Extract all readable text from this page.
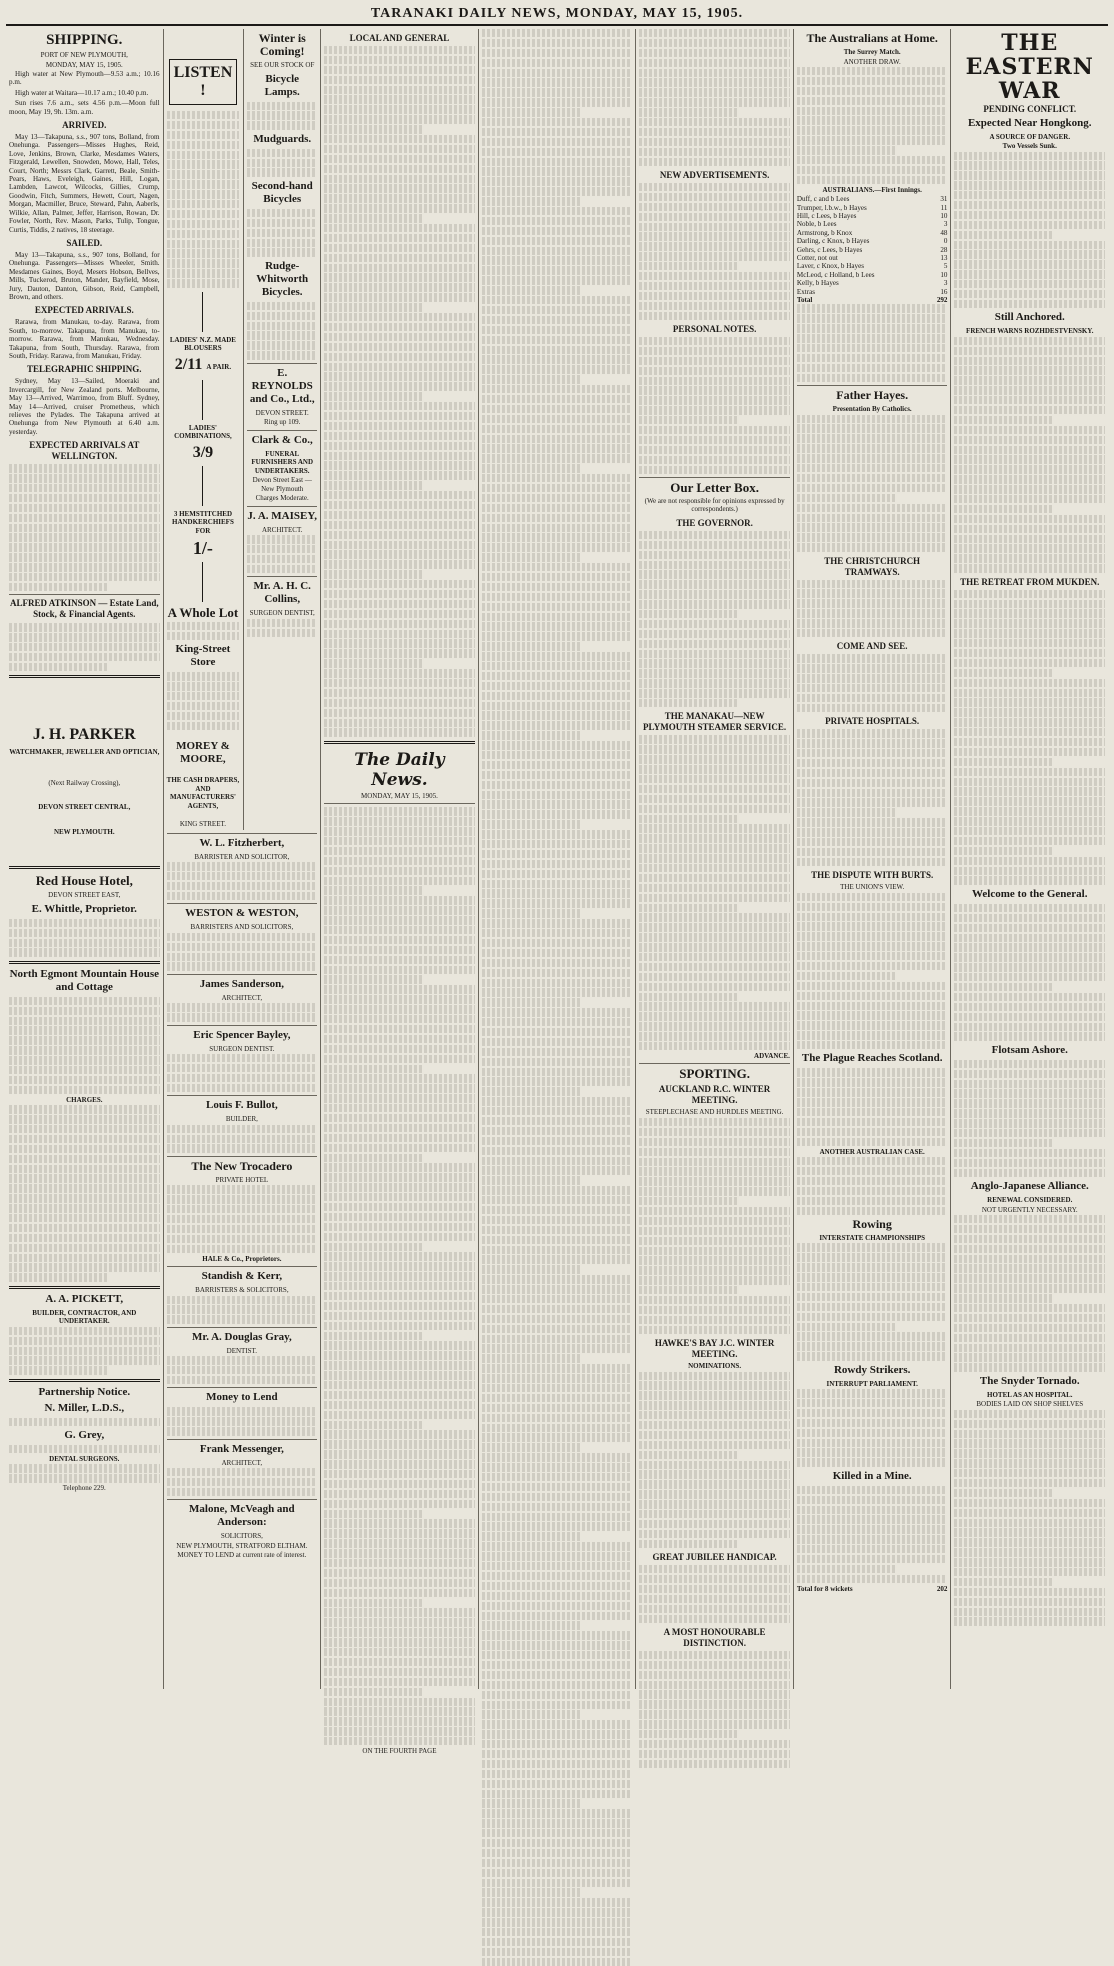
TARANAKI DAILY NEWS, MONDAY, MAY 15, 1905.
SHIPPING.
PORT OF NEW PLYMOUTH,
MONDAY, MAY 15, 1905.

High water at New Plymouth—9.53 a.m.; 10.16 p.m.

High water at Waitara—10.17 a.m.; 10.40 p.m.

Sun rises 7.6 a.m., sets 4.56 p.m.—Moon full moon, May 19, 9h. 13m. a.m.

ARRIVED.

May 13—Takapuna, s.s., 907 tons, Bolland, from Onehunga. Passengers—Misses Hughes, Reid, Love, Jenkins, Brown, Clarke, Mesdames Waters, Fitzgerald, Lewellen, Snowden, Mowe, Hall, Teles, Court, North; Messrs Clark, Garrett, Beale, Smith-Pears, Haws, Eveleigh, Gaines, Hill, Logan, Lambden, Lawcot, Wilcocks, Gillies, Crump, Goodwin, Fitch, Summers, Hewett, Court, Nagen, Morgan, Macmiller, Bruce, Steward, Pahn, Aaberls, Wilkie, Allan, Palmer, Jeffer, Harrison, Rowan, Dr. Fowler, North, Rev. Mason, Parks, Tulip, Tongue, Curtis, Tiddis, 2 natives, 18 steerage.

SAILED.

May 13—Takapuna, s.s., 907 tons, Bolland, for Onehunga. Passengers—Misses Wheeler, Smith. Mesdames Gaines, Boyd, Mesers Hobson, Bellves, Mills, Tuckerod, Bruton, Mander, Bayfield, Mose, Jury, Dauton, Danton, Gibson, Reid, Campbell, Brown, and others.

EXPECTED ARRIVALS.

Rarawa, from Manukau, to-day. Rarawa, from South, to-morrow. Takapuna, from Manukau, to-morrow. Rarawa, from Manukau, Wednesday. Takapuna, from South, Thursday. Rarawa, from South, Friday. Rarawa, from Manukau, Friday.

TELEGRAPHIC SHIPPING.

Sydney, May 13—Sailed, Moeraki and Invercargill, for New Zealand ports. Melbourne, May 13—Arrived, Warrimoo, from Bluff. Sydney, May 14—Arrived, cruiser Prometheus, which relieves the Pylades. The Takapuna arrived at Onehunga from New Plymouth at 6.40 a.m. yesterday.

EXPECTED ARRIVALS AT WELLINGTON.
ALFRED ATKINSON — Estate Land, Stock, & Financial Agents.
J. H. PARKER
WATCHMAKER, JEWELLER AND OPTICIAN,
(Next Railway Crossing),
DEVON STREET CENTRAL,
NEW PLYMOUTH.
Red House Hotel,
DEVON STREET EAST,
E. Whittle, Proprietor.
North Egmont Mountain House and Cottage
CHARGES.
A. A. PICKETT,
BUILDER, CONTRACTOR, AND UNDERTAKER.
Partnership Notice.
N. Miller, L.D.S.,
G. Grey,
DENTAL SURGEONS.
Telephone 229.
LISTEN !
LADIES' N.Z. MADE BLOUSERS
2/11 A PAIR.
LADIES' COMBINATIONS,
3/9
3 HEMSTITCHED HANDKERCHIEFS FOR
1/-
A Whole Lot
King-Street Store
MOREY & MOORE,
THE CASH DRAPERS, AND MANUFACTURERS' AGENTS,
KING STREET.
Winter is Coming!
SEE OUR STOCK OF
Bicycle Lamps.
Mudguards.
Second-hand Bicycles
Rudge-Whitworth Bicycles.
E. REYNOLDS and Co., Ltd.,
DEVON STREET.
Ring up 109.
Clark & Co.,
FUNERAL FURNISHERS AND UNDERTAKERS.
Devon Street East — New Plymouth
Charges Moderate.
J. A. MAISEY,
ARCHITECT.
Mr. A. H. C. Collins,
SURGEON DENTIST,
W. L. Fitzherbert,
BARRISTER AND SOLICITOR,
WESTON & WESTON,
BARRISTERS AND SOLICITORS,
James Sanderson,
ARCHITECT,
Eric Spencer Bayley,
SURGEON DENTIST.
Louis F. Bullot,
BUILDER,
The New Trocadero
PRIVATE HOTEL
HALE & Co., Proprietors.
Standish & Kerr,
BARRISTERS & SOLICITORS,
Mr. A. Douglas Gray,
DENTIST.
Money to Lend
Frank Messenger,
ARCHITECT,
Malone, McVeagh and Anderson:
SOLICITORS,
NEW PLYMOUTH, STRATFORD ELTHAM.
MONEY TO LEND at current rate of interest.
LOCAL AND GENERAL
The Daily News.
MONDAY, MAY 15, 1905.
ON THE FOURTH PAGE
NEW ADVERTISEMENTS.
PERSONAL NOTES.
Our Letter Box.
(We are not responsible for opinions expressed by correspondents.)
THE GOVERNOR.
THE MANAKAU—NEW PLYMOUTH STEAMER SERVICE.
ADVANCE.
SPORTING.
AUCKLAND R.C. WINTER MEETING.
STEEPLECHASE AND HURDLES MEETING.
HAWKE'S BAY J.C. WINTER MEETING.
NOMINATIONS.
GREAT JUBILEE HANDICAP.
A MOST HONOURABLE DISTINCTION.
The Australians at Home.
The Surrey Match.
ANOTHER DRAW.
AUSTRALIANS.—First Innings.
Duff, c and b Lees	31
Trumper, l.b.w., b Hayes	11
Hill, c Lees, b Hayes	10
Noble, b Lees	3
Armstrong, b Knox	48
Darling, c Knox, b Hayes	0
Gehrs, c Lees, b Hayes	28
Cotter, not out	13
Laver, c Knox, b Hayes	5
McLeod, c Holland, b Lees	10
Kelly, b Hayes	3
Extras	16
Total	292
Father Hayes.
Presentation By Catholics.
THE CHRISTCHURCH TRAMWAYS.
COME AND SEE.
PRIVATE HOSPITALS.
THE DISPUTE WITH BURTS.
THE UNION'S VIEW.
The Plague Reaches Scotland.
ANOTHER AUSTRALIAN CASE.
Rowing
INTERSTATE CHAMPIONSHIPS
Rowdy Strikers.
INTERRUPT PARLIAMENT.
Killed in a Mine.
Total for 8 wickets	202
THE EASTERN WAR
PENDING CONFLICT.
Expected Near Hongkong.
A SOURCE OF DANGER.
Two Vessels Sunk.
Still Anchored.
FRENCH WARNS ROZHDESTVENSKY.
THE RETREAT FROM MUKDEN.
Welcome to the General.
Flotsam Ashore.
Anglo-Japanese Alliance.
RENEWAL CONSIDERED.
NOT URGENTLY NECESSARY.
The Snyder Tornado.
HOTEL AS AN HOSPITAL.
BODIES LAID ON SHOP SHELVES
